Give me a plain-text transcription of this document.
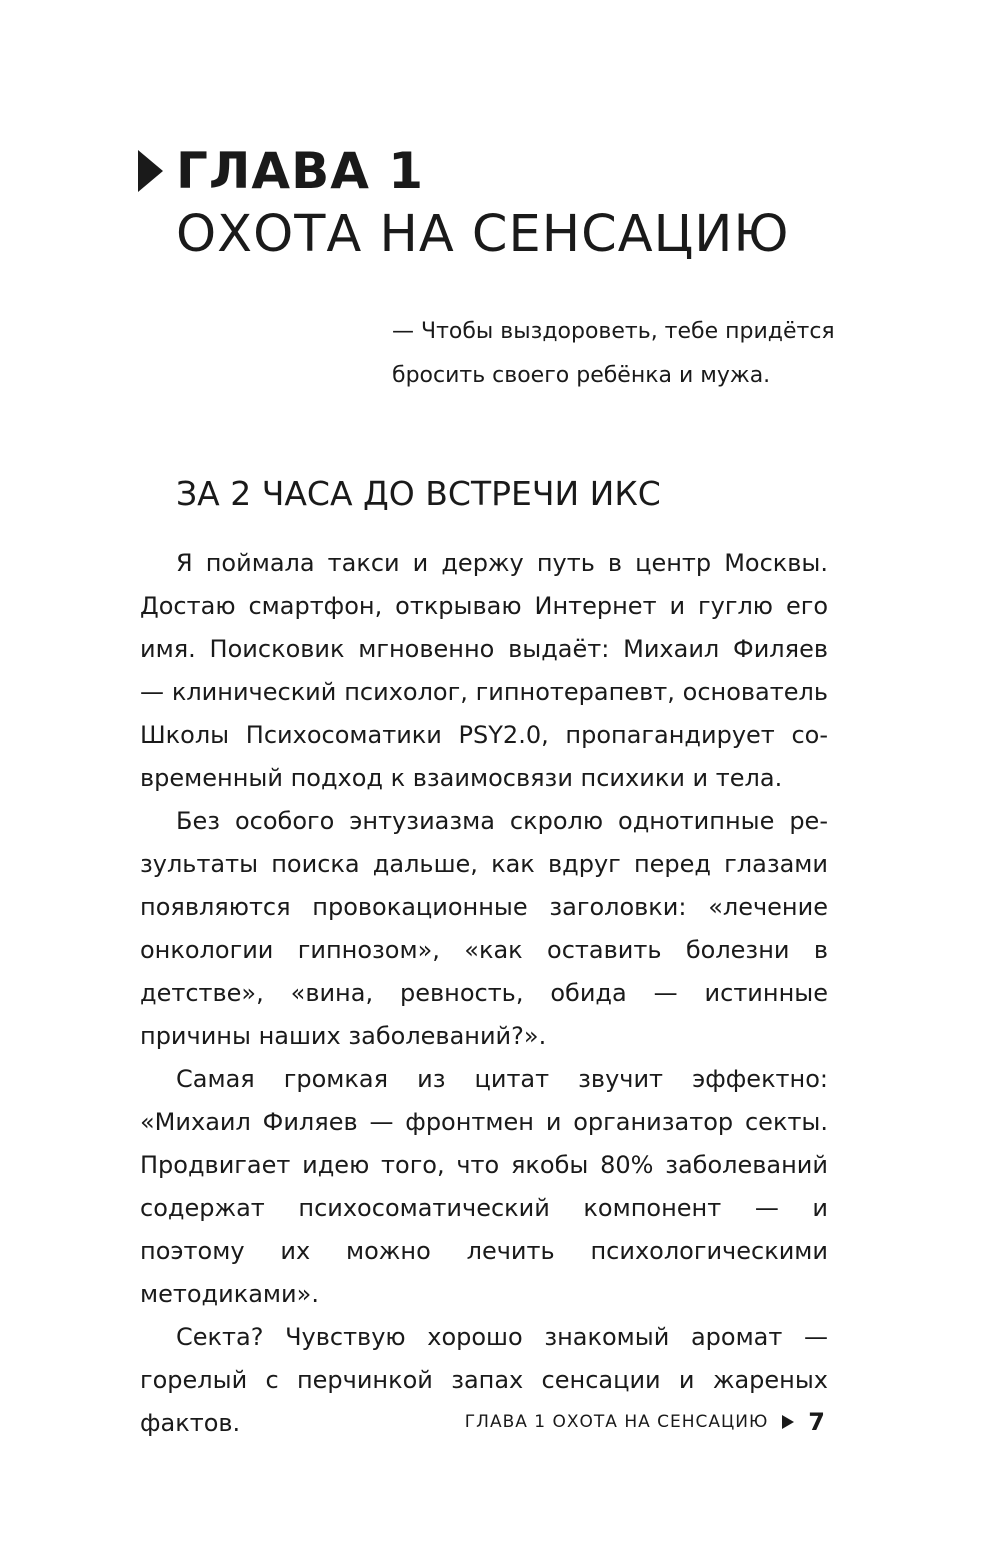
ГЛАВА 1
ОХОТА НА СЕНСАЦИЮ
— Чтобы выздороветь, тебе придётся
бросить своего ребёнка и мужа.
ЗА 2 ЧАСА ДО ВСТРЕЧИ ИКС

Я поймала такси и держу путь в центр Москвы. Достаю смартфон, открываю Интернет и гуглю его имя. Поисковик мгновенно выдаёт: Михаил Филяев — клинический психолог, гипнотерапевт, основатель Школы Психосоматики PSY2.0, пропагандирует современный подход к взаимосвязи психики и тела.

Без особого энтузиазма скролю однотипные результаты поиска дальше, как вдруг перед глазами появляются провокационные заголовки: «лечение онкологии гипнозом», «как оставить болезни в детстве», «вина, ревность, обида — истинные причины наших заболеваний?».

Самая громкая из цитат звучит эффектно: «Михаил Филяев — фронтмен и организатор секты. Продвигает идею того, что якобы 80% заболеваний содержат психосоматический компонент — и поэтому их можно лечить психологическими методиками».

Секта? Чувствую хорошо знакомый аромат — горелый с перчинкой запах сенсации и жареных фактов.	ГЛАВА 1 ОХОТА НА СЕНСАЦИЮ 7
